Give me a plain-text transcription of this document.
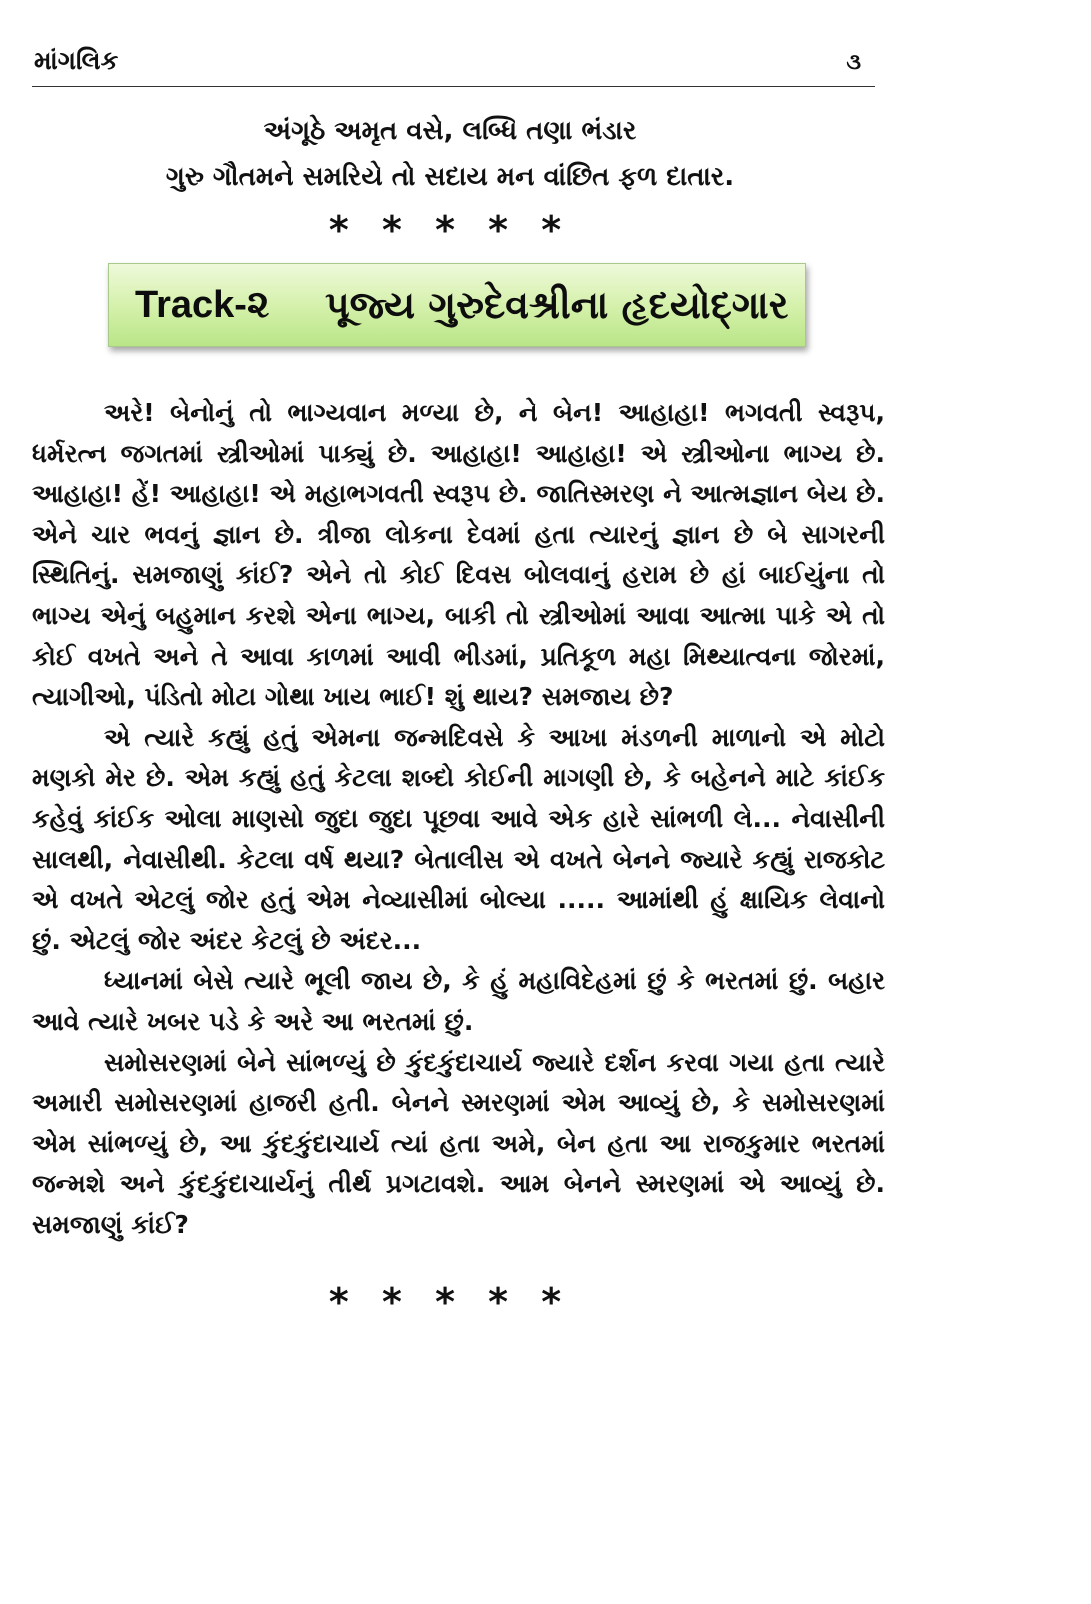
માંગલિક	૩
અંગૂઠે અમૃત વસે, લબ્ધિ તણા ભંડાર
ગુરુ ગૌતમને સમરિયે તો સદાય મન વાંછિત ફળ દાતાર.
* * * * *
Track-૨	પૂજ્ય ગુરુદેવશ્રીના હૃદયોદ્ગાર

અરે! બેનોનું તો ભાગ્યવાન મળ્યા છે, ને બેન! આહાહા! ભગવતી સ્વરૂપ, ધર્મરત્ન જગતમાં સ્ત્રીઓમાં પાક્યું છે. આહાહા! આહાહા! એ સ્ત્રીઓના ભાગ્ય છે. આહાહા! હેં! આહાહા! એ મહાભગવતી સ્વરૂપ છે. જાતિસ્મરણ ને આત્મજ્ઞાન બેય છે. એને ચાર ભવનું જ્ઞાન છે. ત્રીજા લોકના દેવમાં હતા ત્યારનું જ્ઞાન છે બે સાગરની સ્થિતિનું. સમજાણું કાંઈ? એને તો કોઈ દિવસ બોલવાનું હરામ છે હાં બાઈયુંના તો ભાગ્ય એનું બહુમાન કરશે એના ભાગ્ય, બાકી તો સ્ત્રીઓમાં આવા આત્મા પાકે એ તો કોઈ વખતે અને તે આવા કાળમાં આવી ભીડમાં, પ્રતિકૂળ મહા મિથ્યાત્વના જોરમાં, ત્યાગીઓ, પંડિતો મોટા ગોથા ખાય ભાઈ! શું થાય? સમજાય છે?

એ ત્યારે કહ્યું હતું એમના જન્મદિવસે કે આખા મંડળની માળાનો એ મોટો મણકો મેર છે. એમ કહ્યું હતું કેટલા શબ્દો કોઈની માગણી છે, કે બહેનને માટે કાંઈક કહેવું કાંઈક ઓલા માણસો જુદા જુદા પૂછવા આવે એક હારે સાંભળી લે... નેવાસીની સાલથી, નેવાસીથી. કેટલા વર્ષ થયા? બેતાલીસ એ વખતે બેનને જ્યારે કહ્યું રાજકોટ એ વખતે એટલું જોર હતું એમ નેવ્યાસીમાં બોલ્યા ..... આમાંથી હું ક્ષાયિક લેવાનો છું. એટલું જોર અંદર કેટલું છે અંદર...

ધ્યાનમાં બેસે ત્યારે ભૂલી જાય છે, કે હું મહાવિદેહમાં છું કે ભરતમાં છું. બહાર આવે ત્યારે ખબર પડે કે અરે આ ભરતમાં છું.

સમોસરણમાં બેને સાંભળ્યું છે કુંદકુંદાચાર્ય જ્યારે દર્શન કરવા ગયા હતા ત્યારે અમારી સમોસરણમાં હાજરી હતી. બેનને સ્મરણમાં એમ આવ્યું છે, કે સમોસરણમાં એમ સાંભળ્યું છે, આ કુંદકુંદાચાર્ય ત્યાં હતા અમે, બેન હતા આ રાજકુમાર ભરતમાં જન્મશે અને કુંદકુંદાચાર્યનું તીર્થ પ્રગટાવશે. આમ બેનને સ્મરણમાં એ આવ્યું છે. સમજાણું કાંઈ?

* * * * *
